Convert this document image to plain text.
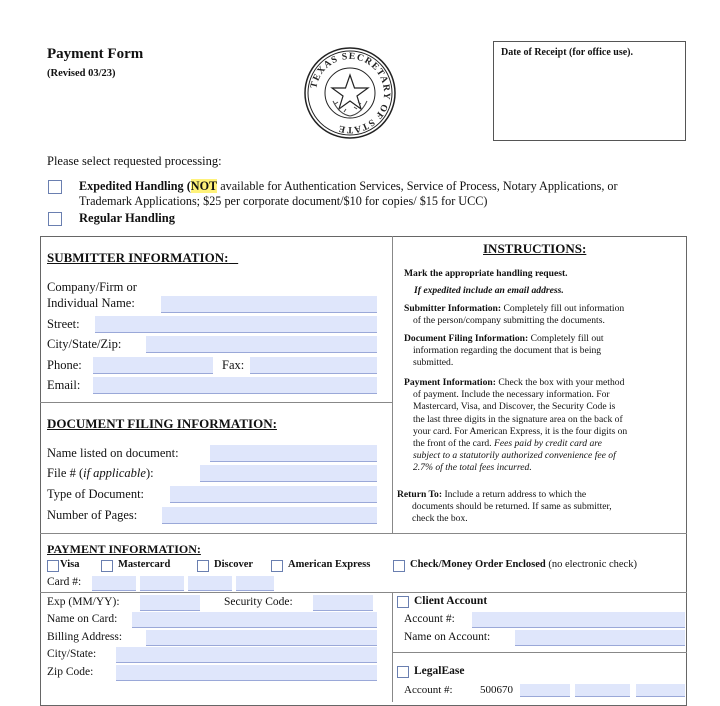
Payment Form
(Revised 03/23)
TEXAS SECRETARY OF STATE
Date of Receipt (for office use).
Please select requested processing:
Expedited Handling (NOT available for Authentication Services, Service of Process, Notary Applications, or
Trademark Applications; $25 per corporate document/$10 for copies/ $15 for UCC)
Regular Handling
SUBMITTER INFORMATION:
Company/Firm or
Individual Name:
Street:
City/State/Zip:
Phone:	Fax:
Email:
DOCUMENT FILING INFORMATION:
Name listed on document:
File # (if applicable):
Type of Document:
Number of Pages:
INSTRUCTIONS:
Mark the appropriate handling request.
If expedited include an email address.
Submitter Information: Completely fill out information
of the person/company submitting the documents.
Document Filing Information: Completely fill out
information regarding the document that is being
submitted.
Payment Information: Check the box with your method
of payment. Include the necessary information. For
Mastercard, Visa, and Discover, the Security Code is
the last three digits in the signature area on the back of
your card. For American Express, it is the four digits on
the front of the card. Fees paid by credit card are
subject to a statutorily authorized convenience fee of
2.7% of the total fees incurred.
Return To: Include a return address to which the
documents should be returned. If same as submitter,
check the box.
PAYMENT INFORMATION:
Visa	Mastercard	Discover	American Express	Check/Money Order Enclosed (no electronic check)
Card #:
Exp (MM/YY):	Security Code:
Name on Card:
Billing Address:
City/State:
Zip Code:
Client Account
Account #:
Name on Account:
LegalEase
Account #: 500670
